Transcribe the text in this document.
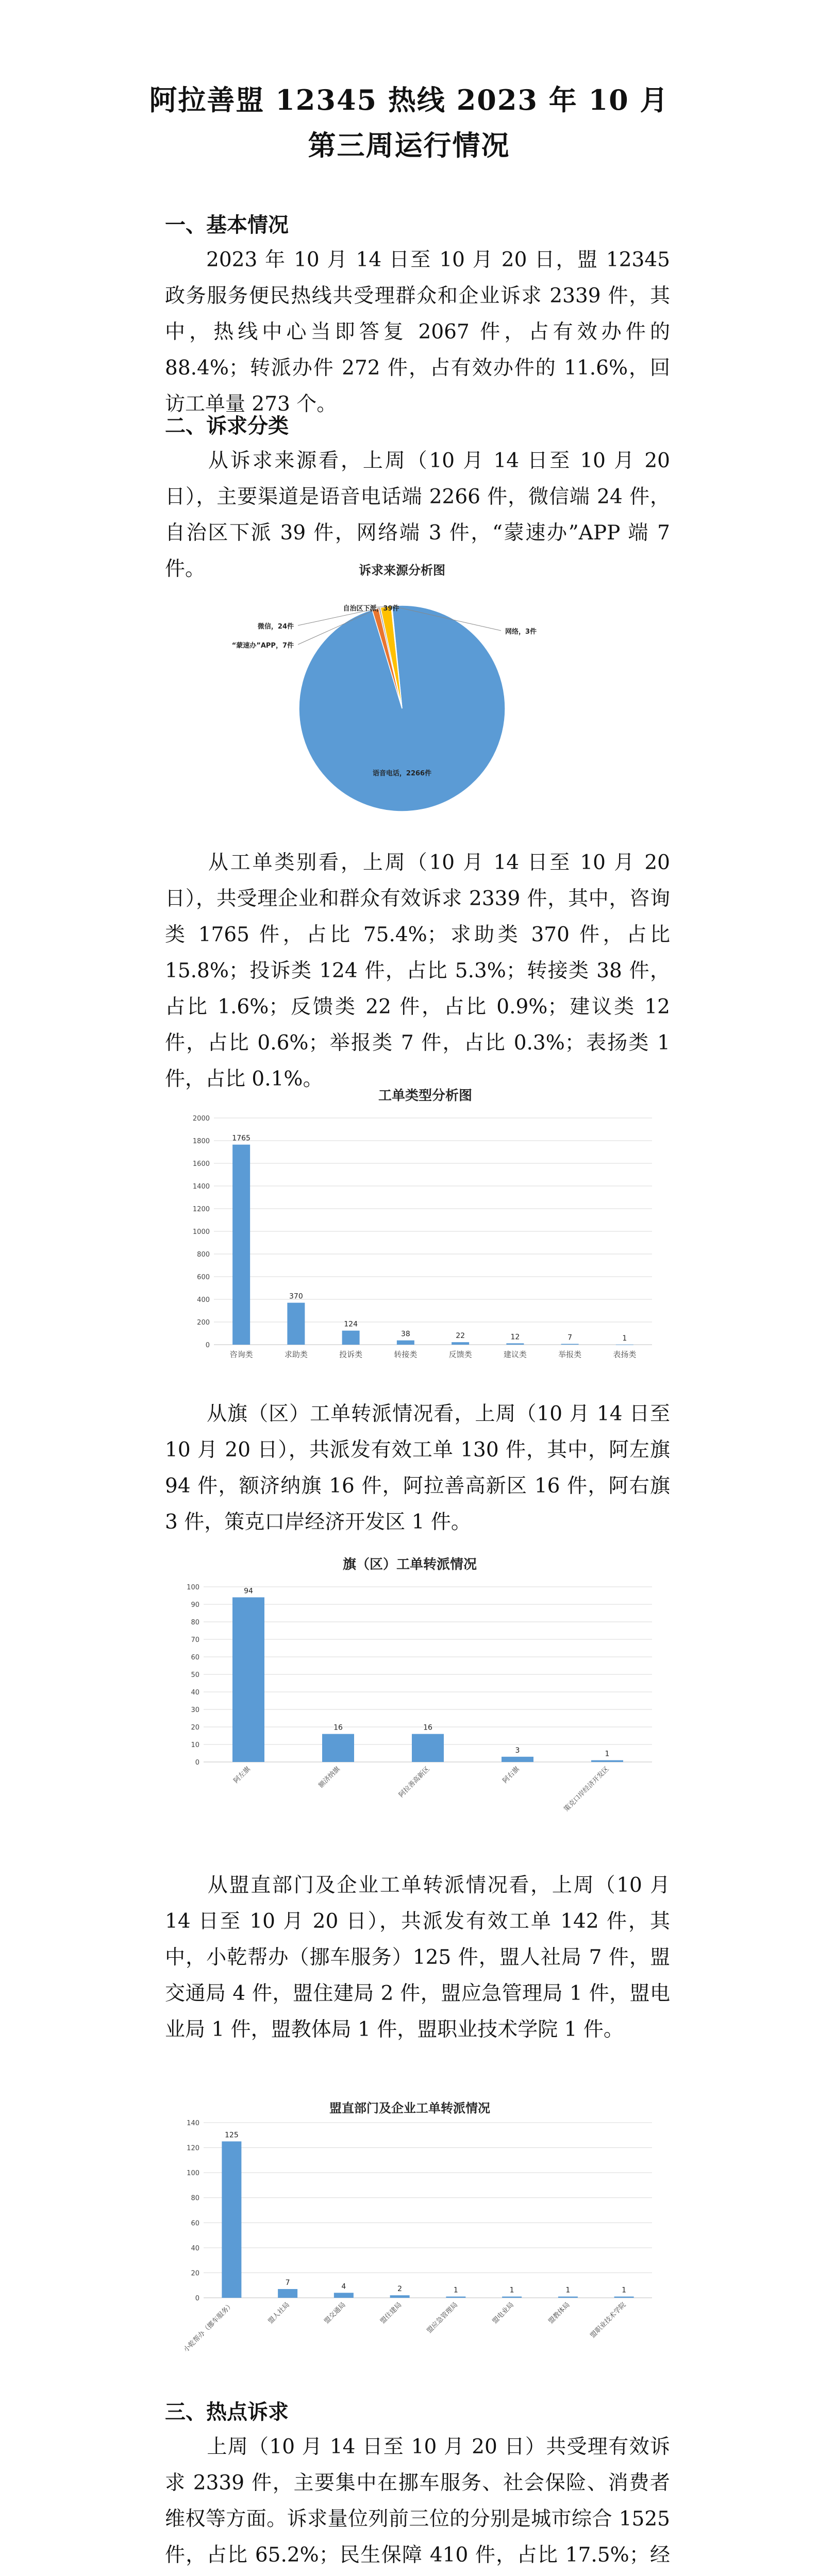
阿拉善盟 12345 热线 2023 年 10 月
第三周运行情况
一、基本情况
2023 年 10 月 14 日至 10 月 20 日，盟 12345 政务服务便民热线共受理群众和企业诉求 2339 件，其中，热线中心当即答复 2067 件，占有效办件的 88.4%；转派办件 272 件，占有效办件的 11.6%，回访工单量 273 个。
二、诉求分类
从诉求来源看，上周（10 月 14 日至 10 月 20 日），主要渠道是语音电话端 2266 件，微信端 24 件，自治区下派 39 件，网络端 3 件，“蒙速办”APP 端 7 件。	诉求来源分析图
语音电话，2266件
微信，24件
“蒙速办”APP，7件
自治区下派，39件
网络，3件
从工单类别看，上周（10 月 14 日至 10 月 20 日），共受理企业和群众有效诉求 2339 件，其中，咨询类 1765 件，占比 75.4%；求助类 370 件，占比 15.8%；投诉类 124 件，占比 5.3%；转接类 38 件，占比 1.6%；反馈类 22 件，占比 0.9%；建议类 12 件，占比 0.6%；举报类 7 件，占比 0.3%；表扬类 1 件，占比 0.1%。
工单类型分析图
0
200
400
600
800
1000
1200
1400
1600
1800
2000
1765
咨询类
370
求助类
124
投诉类
38
转接类
22
反馈类
12
建议类
7
举报类
1
表扬类
从旗（区）工单转派情况看，上周（10 月 14 日至 10 月 20 日），共派发有效工单 130 件，其中，阿左旗 94 件，额济纳旗 16 件，阿拉善高新区 16 件，阿右旗 3 件，策克口岸经济开发区 1 件。
旗（区）工单转派情况
0
10
20
30
40
50
60
70
80
90
100	94
阿左旗
16
额济纳旗
16
阿拉善高新区
3
阿右旗
1
策克口岸经济开发区
从盟直部门及企业工单转派情况看，上周（10 月 14 日至 10 月 20 日），共派发有效工单 142 件，其中，小乾帮办（挪车服务）125 件，盟人社局 7 件，盟交通局 4 件，盟住建局 2 件，盟应急管理局 1 件，盟电业局 1 件，盟教体局 1 件，盟职业技术学院 1 件。
盟直部门及企业工单转派情况
0
20
40
60
80
100
120
140
125
小乾帮办（挪车服务）
7
盟人社局
4
盟交通局
2
盟住建局
1
盟应急管理局
1
盟电业局
1
盟教体局
1
盟职业技术学院
三、热点诉求
上周（10 月 14 日至 10 月 20 日）共受理有效诉求 2339 件，主要集中在挪车服务、社会保险、消费者维权等方面。诉求量位列前三位的分别是城市综合 1525 件，占比 65.2%；民生保障 410 件，占比 17.5%；经
